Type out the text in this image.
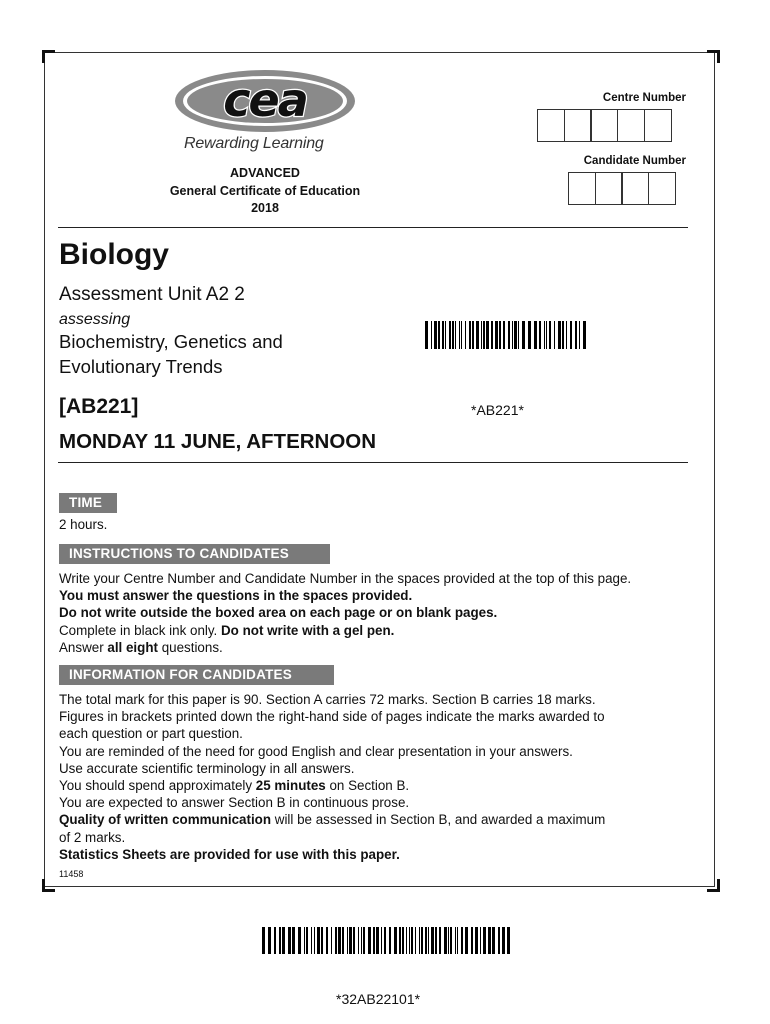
cea
Rewarding Learning
ADVANCED
General Certificate of Education
2018
Centre Number
Candidate Number
Biology
Assessment Unit A2 2
assessing
Biochemistry, Genetics and
Evolutionary Trends
[AB221]	*AB221*
MONDAY 11 JUNE, AFTERNOON
TIME
2 hours.
INSTRUCTIONS TO CANDIDATES
Write your Centre Number and Candidate Number in the spaces provided at the top of this page.
You must answer the questions in the spaces provided.
Do not write outside the boxed area on each page or on blank pages.
Complete in black ink only. Do not write with a gel pen.
Answer all eight questions.
INFORMATION FOR CANDIDATES
The total mark for this paper is 90. Section A carries 72 marks. Section B carries 18 marks.
Figures in brackets printed down the right-hand side of pages indicate the marks awarded to
each question or part question.
You are reminded of the need for good English and clear presentation in your answers.
Use accurate scientific terminology in all answers.
You should spend approximately 25 minutes on Section B.
You are expected to answer Section B in continuous prose.
Quality of written communication will be assessed in Section B, and awarded a maximum
of 2 marks.
Statistics Sheets are provided for use with this paper.
11458
*32AB22101*
